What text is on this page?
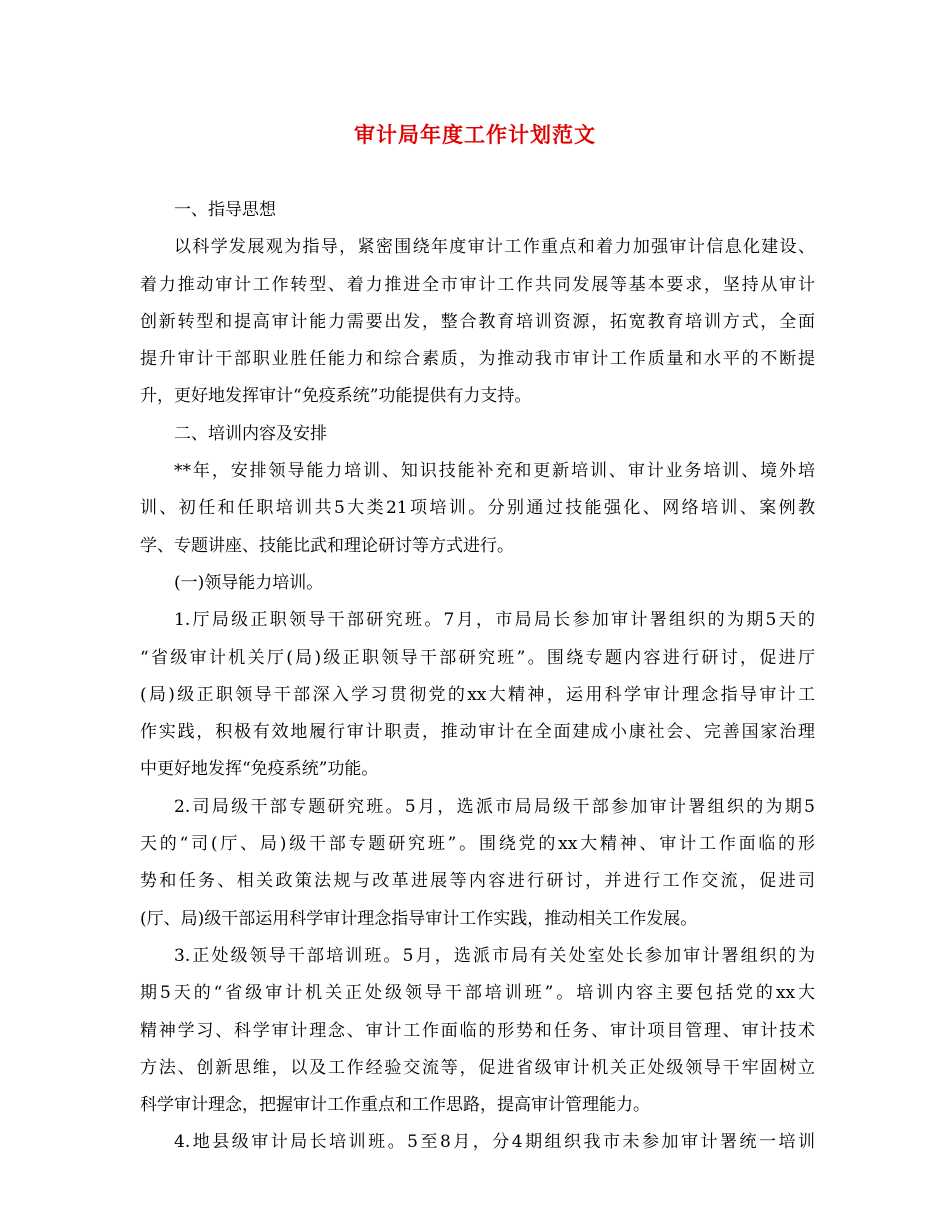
审计局年度工作计划范文
一、指导思想
以科学发展观为指导，紧密围绕年度审计工作重点和着力加强审计信息化建设、
着力推动审计工作转型、着力推进全市审计工作共同发展等基本要求，坚持从审计
创新转型和提高审计能力需要出发，整合教育培训资源，拓宽教育培训方式，全面
提升审计干部职业胜任能力和综合素质，为推动我市审计工作质量和水平的不断提
升，更好地发挥审计“免疫系统”功能提供有力支持。
二、培训内容及安排
**年，安排领导能力培训、知识技能补充和更新培训、审计业务培训、境外培
训、初任和任职培训共5大类21项培训。分别通过技能强化、网络培训、案例教
学、专题讲座、技能比武和理论研讨等方式进行。
(一)领导能力培训。
1.厅局级正职领导干部研究班。7月，市局局长参加审计署组织的为期5天的
“省级审计机关厅(局)级正职领导干部研究班”。围绕专题内容进行研讨，促进厅
(局)级正职领导干部深入学习贯彻党的xx大精神，运用科学审计理念指导审计工
作实践，积极有效地履行审计职责，推动审计在全面建成小康社会、完善国家治理
中更好地发挥“免疫系统”功能。
2.司局级干部专题研究班。5月，选派市局局级干部参加审计署组织的为期5
天的“司(厅、局)级干部专题研究班”。围绕党的xx大精神、审计工作面临的形
势和任务、相关政策法规与改革进展等内容进行研讨，并进行工作交流，促进司
(厅、局)级干部运用科学审计理念指导审计工作实践，推动相关工作发展。
3.正处级领导干部培训班。5月，选派市局有关处室处长参加审计署组织的为
期5天的“省级审计机关正处级领导干部培训班”。培训内容主要包括党的xx大
精神学习、科学审计理念、审计工作面临的形势和任务、审计项目管理、审计技术
方法、创新思维，以及工作经验交流等，促进省级审计机关正处级领导干牢固树立
科学审计理念，把握审计工作重点和工作思路，提高审计管理能力。
4.地县级审计局长培训班。5至8月，分4期组织我市未参加审计署统一培训
